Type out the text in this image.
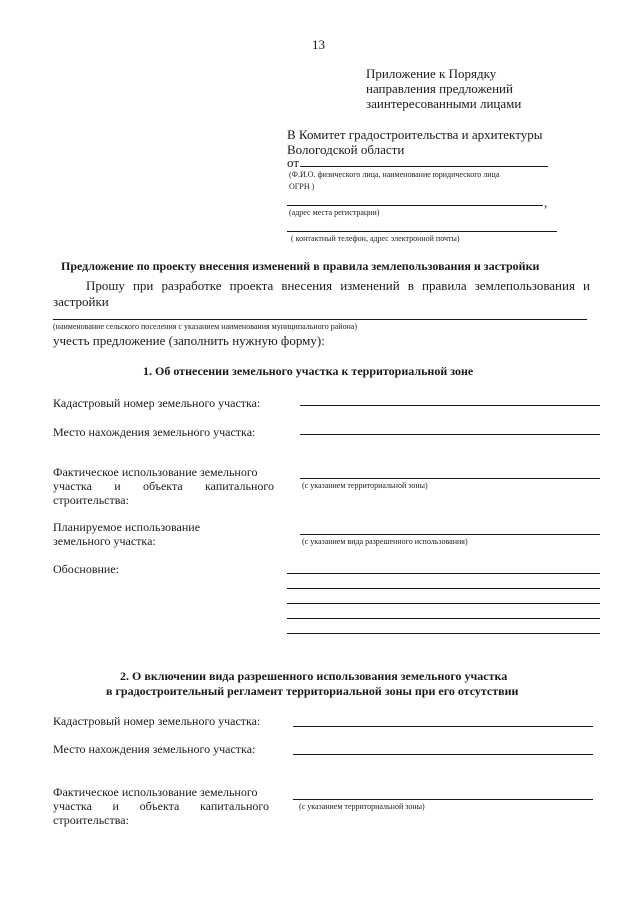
13
Приложение к Порядку
направления предложений
заинтересованными лицами
В Комитет градостроительства и архитектуры
Вологодской области
от
(Ф.И.О. физического лица, наименование юридического лица
ОГРН )
,
(адрес места регистрации)
( контактный телефон, адрес электронной почты)
Предложение по проекту внесения изменений в правила землепользования и застройки
Прошу при разработке проекта внесения изменений в правила землепользования и
застройки
(наименование сельского поселения с указанием наименования муниципального района)
учесть предложение (заполнить нужную форму):
1. Об отнесении земельного участка к территориальной зоне
Кадастровый номер земельного участка:
Место нахождения земельного участка:
Фактическое использование земельного
участка и объекта капитального
строительства:
(с указанием территориальной зоны)
Планируемое использование
земельного участка:	(с указанием вида разрешенного использования)
Обосновние:
2. О включении вида разрешенного использования земельного участка
в градостроительный регламент территориальной зоны при его отсутствии
Кадастровый номер земельного участка:
Место нахождения земельного участка:
Фактическое использование земельного
участка и объекта капитального
строительства:
(с указанием территориальной зоны)
